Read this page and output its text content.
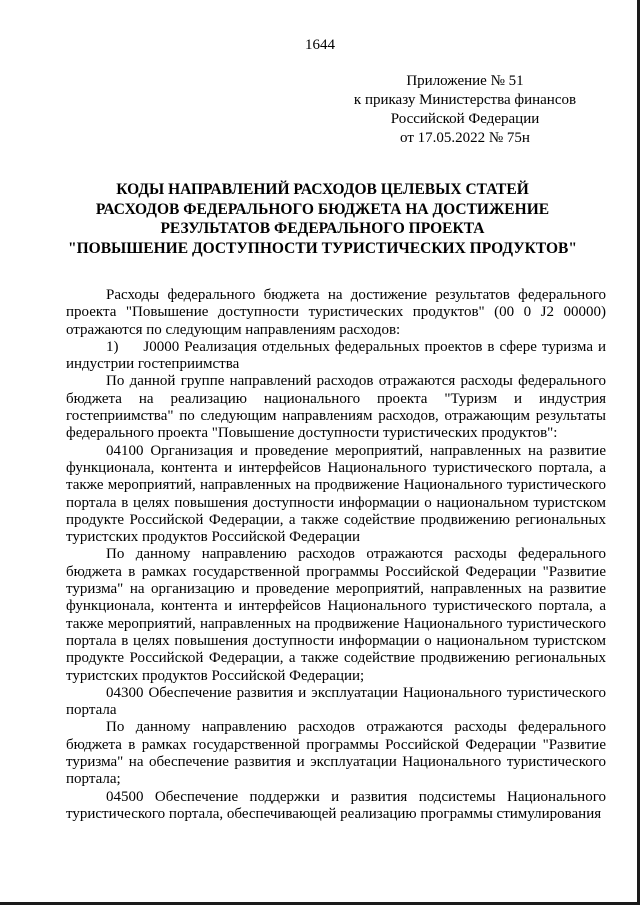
1644
Приложение № 51
к приказу Министерства финансов
Российской Федерации
от 17.05.2022 № 75н
КОДЫ НАПРАВЛЕНИЙ РАСХОДОВ ЦЕЛЕВЫХ СТАТЕЙ
РАСХОДОВ ФЕДЕРАЛЬНОГО БЮДЖЕТА НА ДОСТИЖЕНИЕ
РЕЗУЛЬТАТОВ ФЕДЕРАЛЬНОГО ПРОЕКТА
"ПОВЫШЕНИЕ ДОСТУПНОСТИ ТУРИСТИЧЕСКИХ ПРОДУКТОВ"

Расходы федерального бюджета на достижение результатов федерального проекта "Повышение доступности туристических продуктов" (00 0 J2 00000) отражаются по следующим направлениям расходов:

1)     J0000 Реализация отдельных федеральных проектов в сфере туризма и индустрии гостеприимства

По данной группе направлений расходов отражаются расходы федерального бюджета на реализацию национального проекта "Туризм и индустрия гостеприимства" по следующим направлениям расходов, отражающим результаты федерального проекта "Повышение доступности туристических продуктов":

04100 Организация и проведение мероприятий, направленных на развитие функционала, контента и интерфейсов Национального туристического портала, а также мероприятий, направленных на продвижение Национального туристического портала в целях повышения доступности информации о национальном туристском продукте Российской Федерации, а также содействие продвижению региональных туристских продуктов Российской Федерации

По данному направлению расходов отражаются расходы федерального бюджета в рамках государственной программы Российской Федерации "Развитие туризма" на организацию и проведение мероприятий, направленных на развитие функционала, контента и интерфейсов Национального туристического портала, а также мероприятий, направленных на продвижение Национального туристического портала в целях повышения доступности информации о национальном туристском продукте Российской Федерации, а также содействие продвижению региональных туристских продуктов Российской Федерации;

04300 Обеспечение развития и эксплуатации Национального туристического портала

По данному направлению расходов отражаются расходы федерального бюджета в рамках государственной программы Российской Федерации "Развитие туризма" на обеспечение развития и эксплуатации Национального туристического портала;

04500 Обеспечение поддержки и развития подсистемы Национального туристического портала, обеспечивающей реализацию программы стимулирования
